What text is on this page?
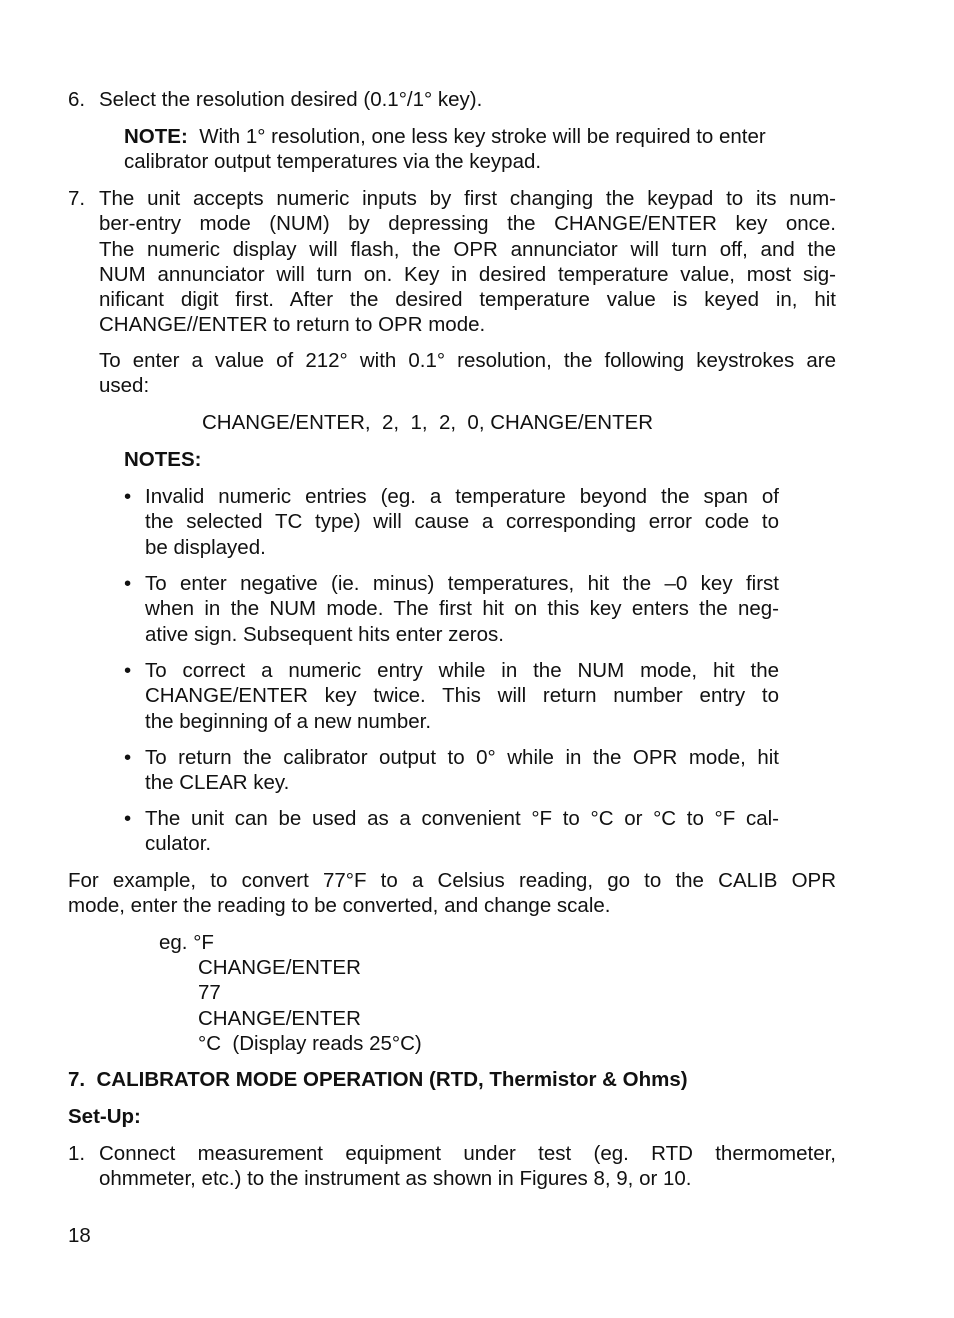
6. Select the resolution desired (0.1°/1° key).
NOTE: With 1° resolution, one less key stroke will be required to enter calibrator output temperatures via the keypad.
7. The unit accepts numeric inputs by first changing the keypad to its num-
ber-entry mode (NUM) by depressing the CHANGE/ENTER key once.
The numeric display will flash, the OPR annunciator will turn off, and the
NUM annunciator will turn on. Key in desired temperature value, most sig-
nificant digit first. After the desired temperature value is keyed in, hit
CHANGE//ENTER to return to OPR mode.
To enter a value of 212° with 0.1° resolution, the following keystrokes are
used:
CHANGE/ENTER,  2,  1,  2,  0, CHANGE/ENTER
NOTES:
• Invalid numeric entries (eg. a temperature beyond the span of
the selected TC type) will cause a corresponding error code to
be displayed.
• To enter negative (ie. minus) temperatures, hit the –0 key first
when in the NUM mode. The first hit on this key enters the neg-
ative sign. Subsequent hits enter zeros.
• To correct a numeric entry while in the NUM mode, hit the
CHANGE/ENTER key twice. This will return number entry to
the beginning of a new number.
• To return the calibrator output to 0° while in the OPR mode, hit
the CLEAR key.
• The unit can be used as a convenient °F to °C or °C to °F cal-
culator.
For example, to convert 77°F to a Celsius reading, go to the CALIB OPR
mode, enter the reading to be converted, and change scale.
eg. °F
CHANGE/ENTER
77
CHANGE/ENTER
°C  (Display reads 25°C)
7.  CALIBRATOR MODE OPERATION (RTD, Thermistor & Ohms)
Set-Up:
1. Connect measurement equipment under test (eg. RTD thermometer,
ohmmeter, etc.) to the instrument as shown in Figures 8, 9, or 10.
18
